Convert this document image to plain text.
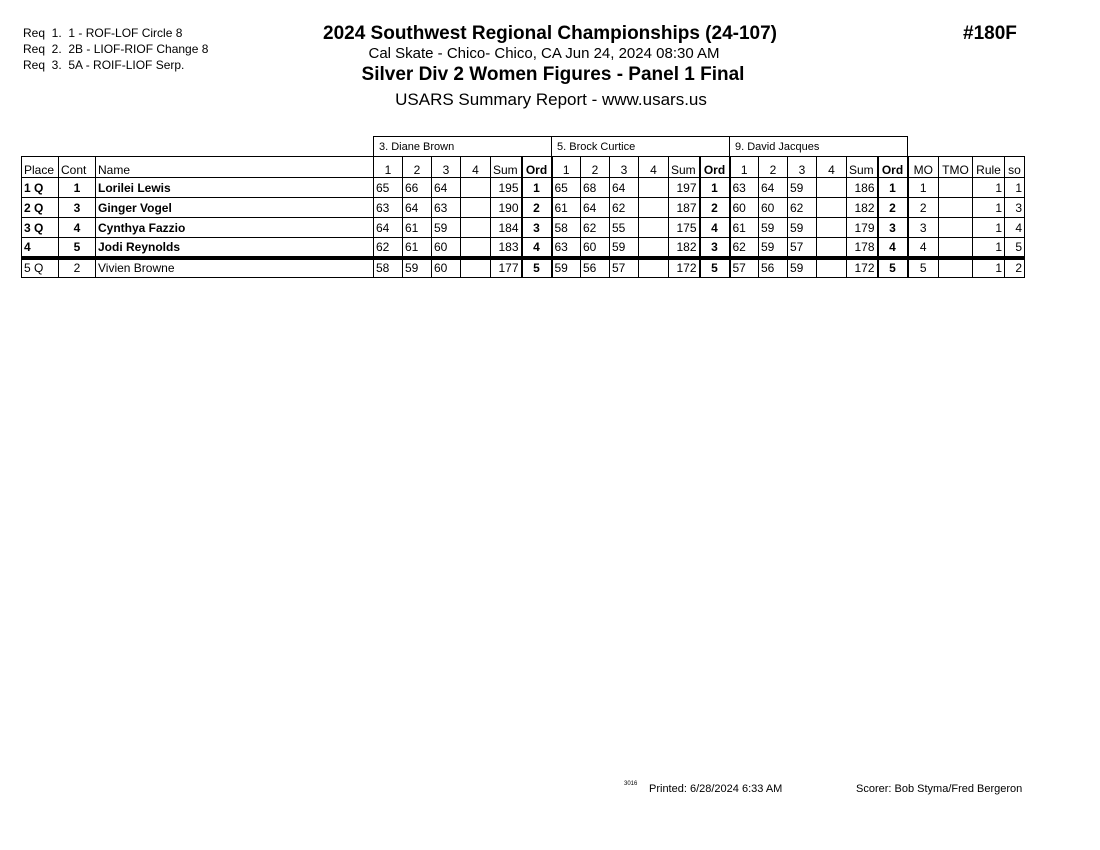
Req  1.  1 - ROF-LOF Circle 8
Req  2.  2B - LIOF-RIOF Change 8
Req  3.  5A - ROIF-LIOF Serp.
2024 Southwest Regional Championships (24-107)
Cal Skate - Chico- Chico, CA Jun 24, 2024 08:30 AM
Silver Div 2 Women Figures - Panel 1 Final
USARS Summary Report - www.usars.us
#180F
			3. Diane Brown						5. Brock Curtice						9. David Jacques									
Place	Cont	Name	1	2	3	4	Sum	Ord	1	2	3	4	Sum	Ord	1	2	3	4	Sum	Ord	MO	TMO	Rule	so
1 Q	1	Lorilei Lewis	65	66	64		195	1	65	68	64		197	1	63	64	59		186	1	1		1	1
2 Q	3	Ginger Vogel	63	64	63		190	2	61	64	62		187	2	60	60	62		182	2	2		1	3
3 Q	4	Cynthya Fazzio	64	61	59		184	3	58	62	55		175	4	61	59	59		179	3	3		1	4
4	5	Jodi Reynolds	62	61	60		183	4	63	60	59		182	3	62	59	57		178	4	4		1	5
5 Q	2	Vivien Browne	58	59	60		177	5	59	56	57		172	5	57	56	59		172	5	5		1	2
3016 Printed: 6/28/2024 6:33 AM	Scorer: Bob Styma/Fred Bergeron
